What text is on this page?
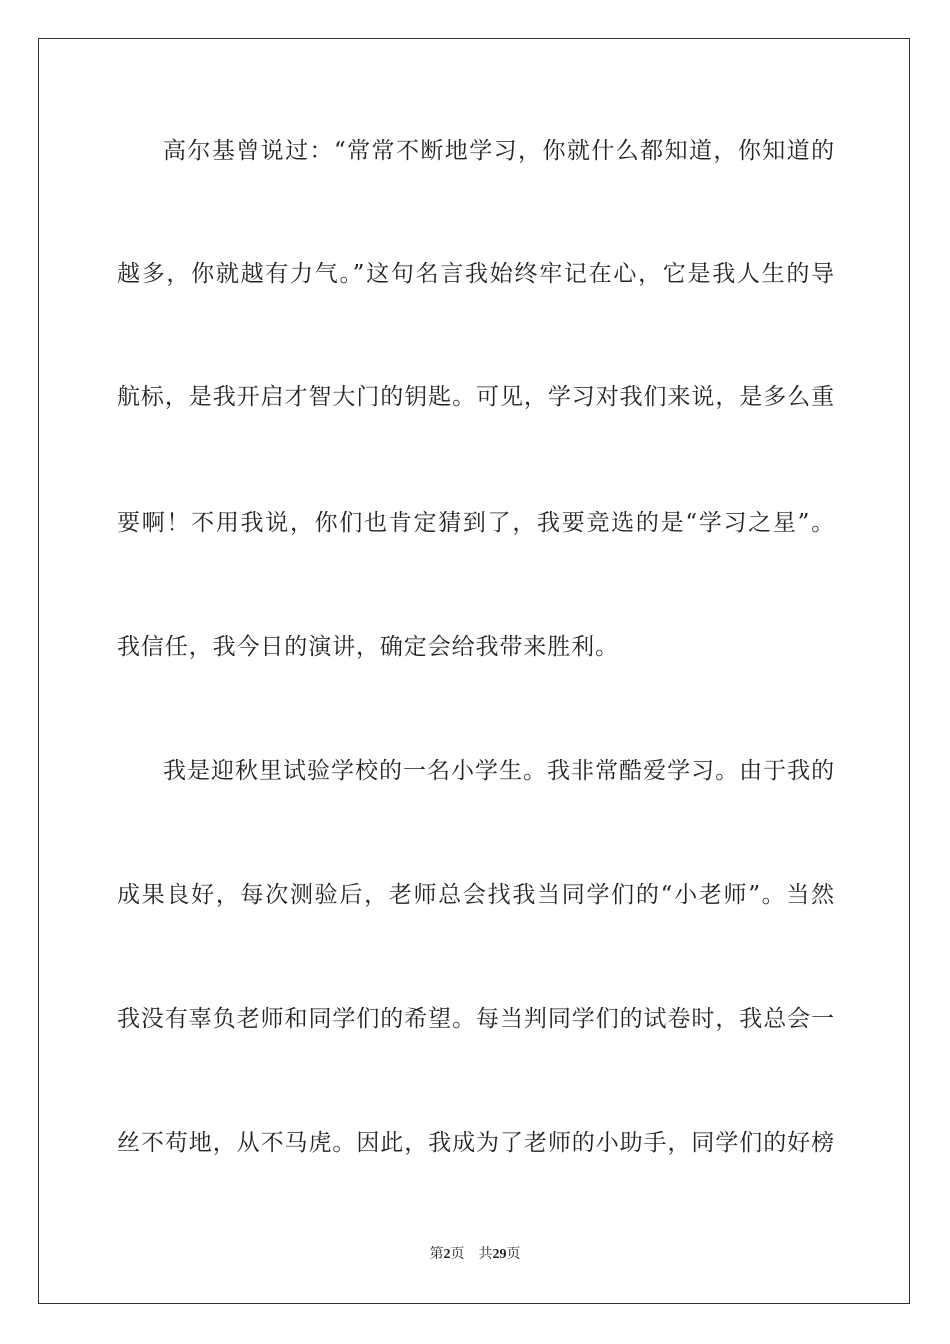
高尔基曾说过：“常常不断地学习，你就什么都知道，你知道的
越多，你就越有力气。”这句名言我始终牢记在心，它是我人生的导
航标，是我开启才智大门的钥匙。可见，学习对我们来说，是多么重
要啊！不用我说，你们也肯定猜到了，我要竞选的是“学习之星”。
我信任，我今日的演讲，确定会给我带来胜利。
我是迎秋里试验学校的一名小学生。我非常酷爱学习。由于我的
成果良好，每次测验后，老师总会找我当同学们的“小老师”。当然
我没有辜负老师和同学们的希望。每当判同学们的试卷时，我总会一
丝不苟地，从不马虎。因此，我成为了老师的小助手，同学们的好榜
第2页 共29页
